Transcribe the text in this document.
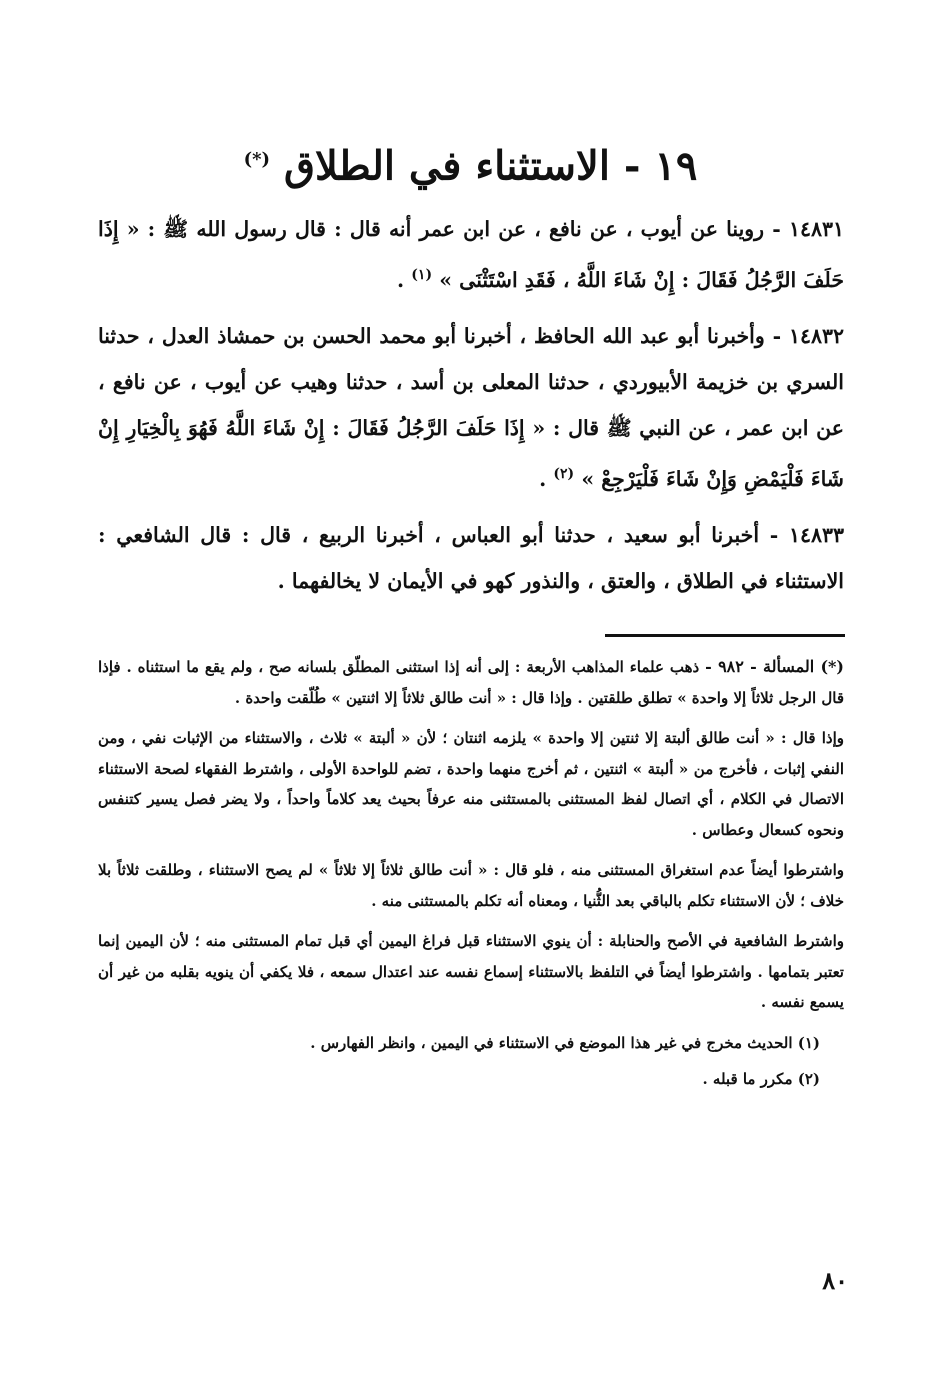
١٩ - الاستثناء في الطلاق (*)

١٤٨٣١ - روينا عن أيوب ، عن نافع ، عن ابن عمر أنه قال : قال رسول الله ﷺ : « إِذَا حَلَفَ الرَّجُلُ فَقَالَ : إِنْ شَاءَ اللَّهُ ، فَقَدِ اسْتَثْنَى » $^{(١)}$ .

١٤٨٣٢ - وأخبرنا أبو عبد الله الحافظ ، أخبرنا أبو محمد الحسن بن حمشاذ العدل ، حدثنا السري بن خزيمة الأبيوردي ، حدثنا المعلى بن أسد ، حدثنا وهيب عن أيوب ، عن نافع ، عن ابن عمر ، عن النبي ﷺ قال : « إِذَا حَلَفَ الرَّجُلُ فَقَالَ : إِنْ شَاءَ اللَّهُ فَهُوَ بِالْخِيَارِ إِنْ شَاءَ فَلْيَمْضِ وَإِنْ شَاءَ فَلْيَرْجِعْ » $^{(٢)}$ .

١٤٨٣٣ - أخبرنا أبو سعيد ، حدثنا أبو العباس ، أخبرنا الربيع ، قال : قال الشافعي : الاستثناء في الطلاق ، والعتق ، والنذور كهو في الأيمان لا يخالفهما .

(*) المسألة - ٩٨٢ - ذهب علماء المذاهب الأربعة : إلى أنه إذا استثنى المطلّق بلسانه صح ، ولم يقع ما استثناه . فإذا قال الرجل ثلاثاً إلا واحدة » تطلق طلقتين . وإذا قال : « أنت طالق ثلاثاً إلا اثنتين » طُلّقت واحدة .

وإذا قال : « أنت طالق ألبتة إلا ثنتين إلا واحدة » يلزمه اثنتان ؛ لأن « ألبتة » ثلاث ، والاستثناء من الإثبات نفي ، ومن النفي إثبات ، فأخرج من « ألبتة » اثنتين ، ثم أخرج منهما واحدة ، تضم للواحدة الأولى ، واشترط الفقهاء لصحة الاستثناء الاتصال في الكلام ، أي اتصال لفظ المستثنى بالمستثنى منه عرفاً بحيث يعد كلاماً واحداً ، ولا يضر فصل يسير كتنفس ونحوه كسعال وعطاس .

واشترطوا أيضاً عدم استغراق المستثنى منه ، فلو قال : « أنت طالق ثلاثاً إلا ثلاثاً » لم يصح الاستثناء ، وطلقت ثلاثاً بلا خلاف ؛ لأن الاستثناء تكلم بالباقي بعد الثُّنيا ، ومعناه أنه تكلم بالمستثنى منه .

واشترط الشافعية في الأصح والحنابلة : أن ينوي الاستثناء قبل فراغ اليمين أي قبل تمام المستثنى منه ؛ لأن اليمين إنما تعتبر بتمامها . واشترطوا أيضاً في التلفظ بالاستثناء إسماع نفسه عند اعتدال سمعه ، فلا يكفي أن ينويه بقلبه من غير أن يسمع نفسه .

(١) الحديث مخرج في غير هذا الموضع في الاستثناء في اليمين ، وانظر الفهارس .

(٢) مكرر ما قبله .

٨٠
